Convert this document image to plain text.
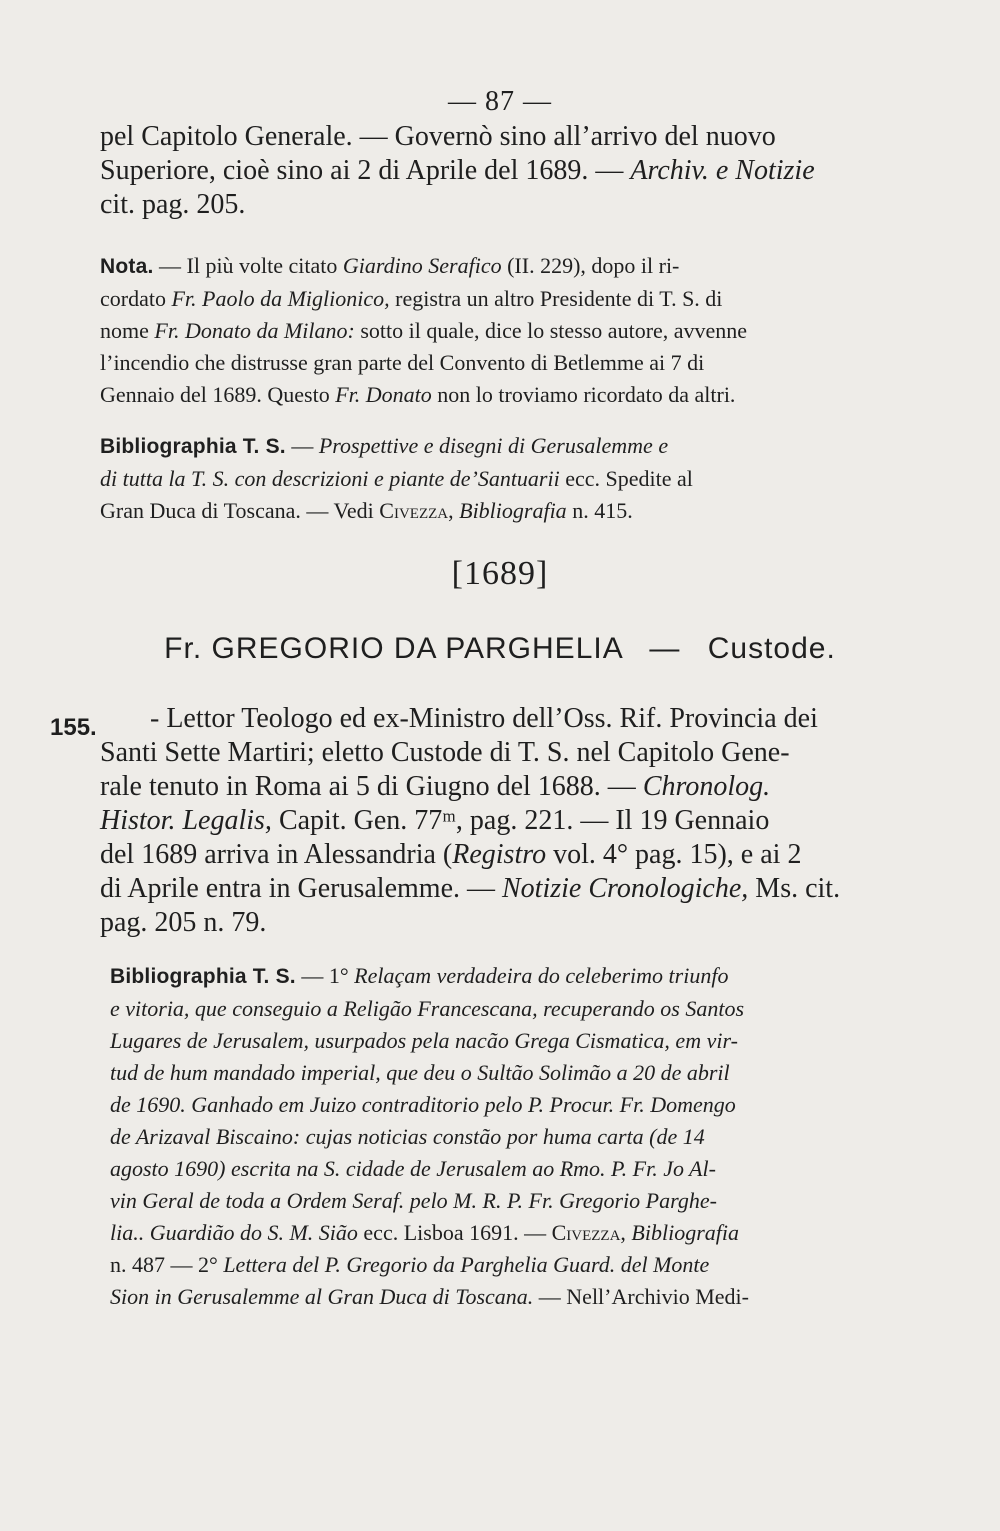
— 87 —
pel Capitolo Generale. — Governò sino all’arrivo del nuovo
Superiore, cioè sino ai 2 di Aprile del 1689. — Archiv. e Notizie
cit. pag. 205.
Nota. — Il più volte citato Giardino Serafico (II. 229), dopo il ri-
cordato Fr. Paolo da Miglionico, registra un altro Presidente di T. S. di
nome Fr. Donato da Milano: sotto il quale, dice lo stesso autore, avvenne
l’incendio che distrusse gran parte del Convento di Betlemme ai 7 di
Gennaio del 1689. Questo Fr. Donato non lo troviamo ricordato da altri.
Bibliographia T. S. — Prospettive e disegni di Gerusalemme e
di tutta la T. S. con descrizioni e piante de’Santuarii ecc. Spedite al
Gran Duca di Toscana. — Vedi Civezza, Bibliografia n. 415.
[1689]
Fr. GREGORIO DA PARGHELIA — Custode.
155.	- Lettor Teologo ed ex-Ministro dell’Oss. Rif. Provincia dei
Santi Sette Martiri; eletto Custode di T. S. nel Capitolo Gene-
rale tenuto in Roma ai 5 di Giugno del 1688. — Chronolog.
Histor. Legalis, Capit. Gen. 77ᵐ, pag. 221. — Il 19 Gennaio
del 1689 arriva in Alessandria (Registro vol. 4° pag. 15), e ai 2
di Aprile entra in Gerusalemme. — Notizie Cronologiche, Ms. cit.
pag. 205 n. 79.
Bibliographia T. S. — 1° Relaçam verdadeira do celeberimo triunfo
e vitoria, que conseguio a Religão Francescana, recuperando os Santos
Lugares de Jerusalem, usurpados pela nacão Grega Cismatica, em vir-
tud de hum mandado imperial, que deu o Sultão Solimão a 20 de abril
de 1690. Ganhado em Juizo contraditorio pelo P. Procur. Fr. Domengo
de Arizaval Biscaino: cujas noticias constão por huma carta (de 14
agosto 1690) escrita na S. cidade de Jerusalem ao Rmo. P. Fr. Jo Al-
vin Geral de toda a Ordem Seraf. pelo M. R. P. Fr. Gregorio Parghe-
lia.. Guardião do S. M. Sião ecc. Lisboa 1691. — Civezza, Bibliografia
n. 487 — 2° Lettera del P. Gregorio da Parghelia Guard. del Monte
Sion in Gerusalemme al Gran Duca di Toscana. — Nell’Archivio Medi-
